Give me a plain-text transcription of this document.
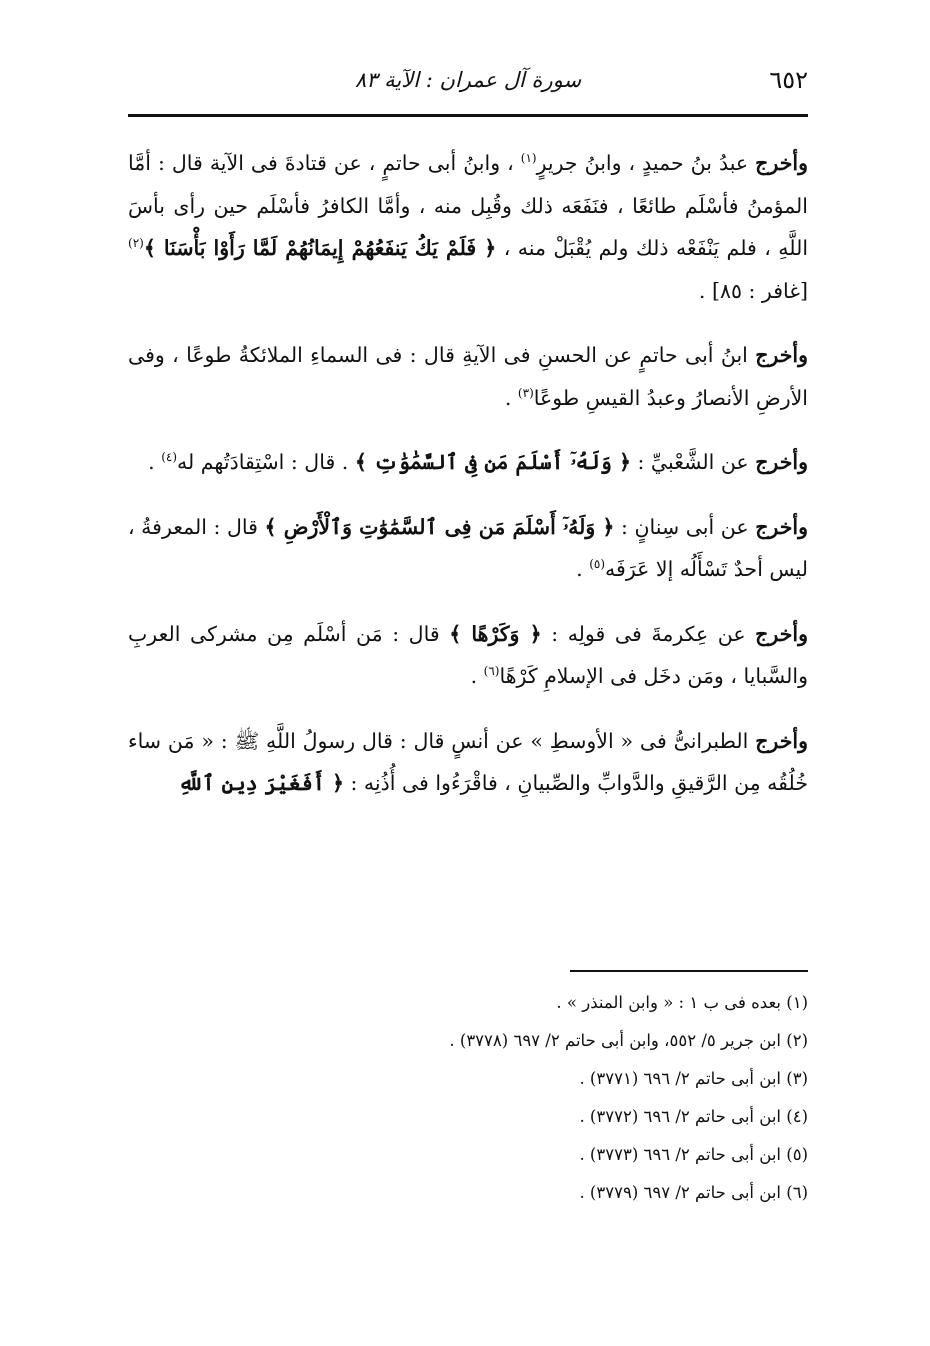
٦٥٢
سورة آل عمران : الآية ٨٣

وأخرج عبدُ بنُ حميدٍ ، وابنُ جريرٍ$^{(١)}$ ، وابنُ أبى حاتمٍ ، عن قتادةَ فى الآية قال : أمَّا المؤمنُ فأسْلَم طائعًا ، فنَفَعَه ذلك وقُبِل منه ، وأمَّا الكافرُ فأسْلَم حين رأى بأسَ اللَّهِ ، فلم يَنْفَعْه ذلك ولم يُقْبَلْ منه ، ﴿ فَلَمْ يَكُ يَنفَعُهُمْ إِيمَانُهُمْ لَمَّا رَأَوْا بَأْسَنَا ﴾$^{(٢)}$ [غافر : ٨٥] .

وأخرج ابنُ أبى حاتمٍ عن الحسنِ فى الآيةِ قال : فى السماءِ الملائكةُ طوعًا ، وفى الأرضِ الأنصارُ وعبدُ القيسِ طوعًا$^{(٣)}$ .

وأخرج عن الشَّعْبيِّ : ﴿ وَلَهُۥٓ أَسْلَمَ مَن فِى ٱلسَّمَٰوَٰتِ ﴾ . قال : اسْتِقادَتُهم له$^{(٤)}$ .

وأخرج عن أبى سِنانٍ : ﴿ وَلَهُۥٓ أَسْلَمَ مَن فِى ٱلسَّمَٰوَٰتِ وَٱلْأَرْضِ ﴾ قال : المعرفةُ ، ليس أحدٌ تَسْأَلُه إلا عَرَفَه$^{(٥)}$ .

وأخرج عن عِكرمةَ فى قولِه : ﴿ وَكَرْهًا ﴾ قال : مَن أسْلَم مِن مشركى العربِ والسَّبايا ، ومَن دخَل فى الإسلامِ كَرْهًا$^{(٦)}$ .

وأخرج الطبرانىُّ فى « الأوسطِ » عن أنسٍ قال : قال رسولُ اللَّهِ ﷺ : « مَن ساء خُلُقُه مِن الرَّقيقِ والدَّوابِّ والصِّبيانِ ، فاقْرَءُوا فى أُذُنِه : ﴿ أَفَغَيْرَ دِينِ ٱللَّهِ

(١) بعده فى ب ١ : « وابن المنذر » .

(٢) ابن جرير ٥/ ٥٥٢، وابن أبى حاتم ٢/ ٦٩٧ (٣٧٧٨) .

(٣) ابن أبى حاتم ٢/ ٦٩٦ (٣٧٧١) .

(٤) ابن أبى حاتم ٢/ ٦٩٦ (٣٧٧٢) .

(٥) ابن أبى حاتم ٢/ ٦٩٦ (٣٧٧٣) .

(٦) ابن أبى حاتم ٢/ ٦٩٧ (٣٧٧٩) .
